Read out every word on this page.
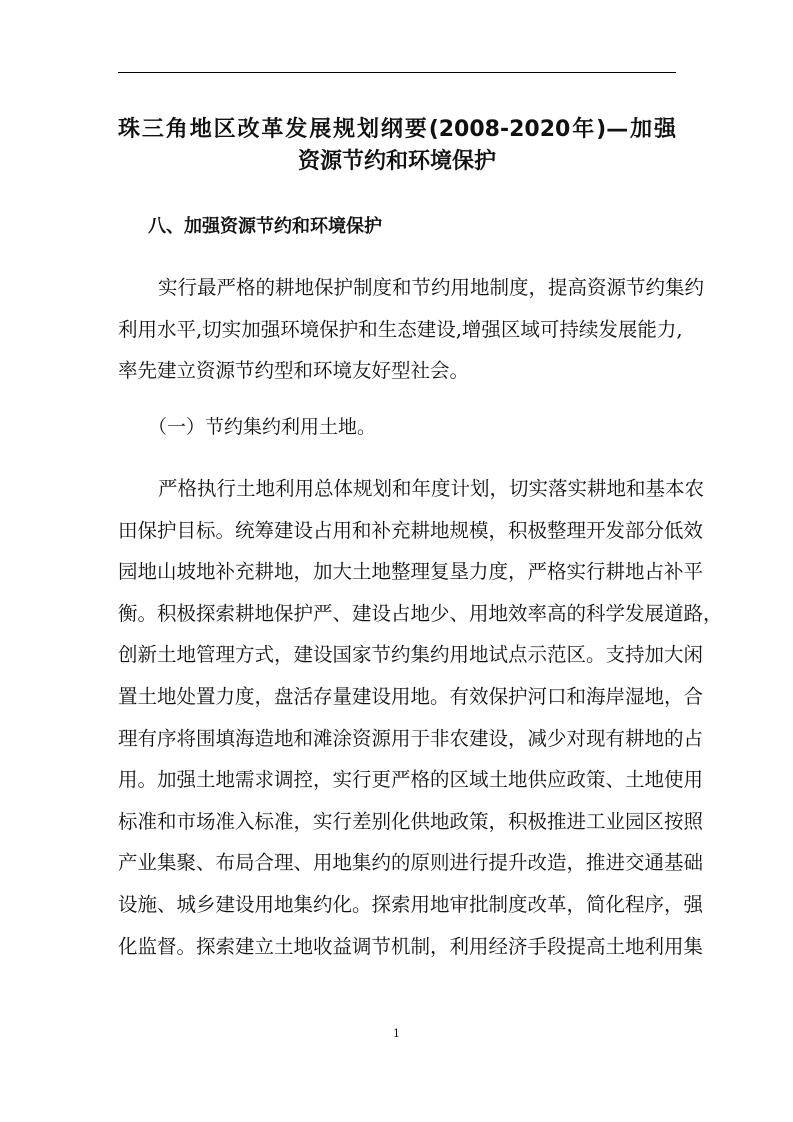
珠三角地区改革发展规划纲要(2008-2020年)—加强
资源节约和环境保护
八、加强资源节约和环境保护
实行最严格的耕地保护制度和节约用地制度，提高资源节约集约
利用水平,切实加强环境保护和生态建设,增强区域可持续发展能力,
率先建立资源节约型和环境友好型社会。
（一）节约集约利用土地。
严格执行土地利用总体规划和年度计划，切实落实耕地和基本农
田保护目标。统筹建设占用和补充耕地规模，积极整理开发部分低效
园地山坡地补充耕地，加大土地整理复垦力度，严格实行耕地占补平
衡。积极探索耕地保护严、建设占地少、用地效率高的科学发展道路，
创新土地管理方式，建设国家节约集约用地试点示范区。支持加大闲
置土地处置力度，盘活存量建设用地。有效保护河口和海岸湿地，合
理有序将围填海造地和滩涂资源用于非农建设，减少对现有耕地的占
用。加强土地需求调控，实行更严格的区域土地供应政策、土地使用
标准和市场准入标准，实行差别化供地政策，积极推进工业园区按照
产业集聚、布局合理、用地集约的原则进行提升改造，推进交通基础
设施、城乡建设用地集约化。探索用地审批制度改革，简化程序，强
化监督。探索建立土地收益调节机制，利用经济手段提高土地利用集
1
